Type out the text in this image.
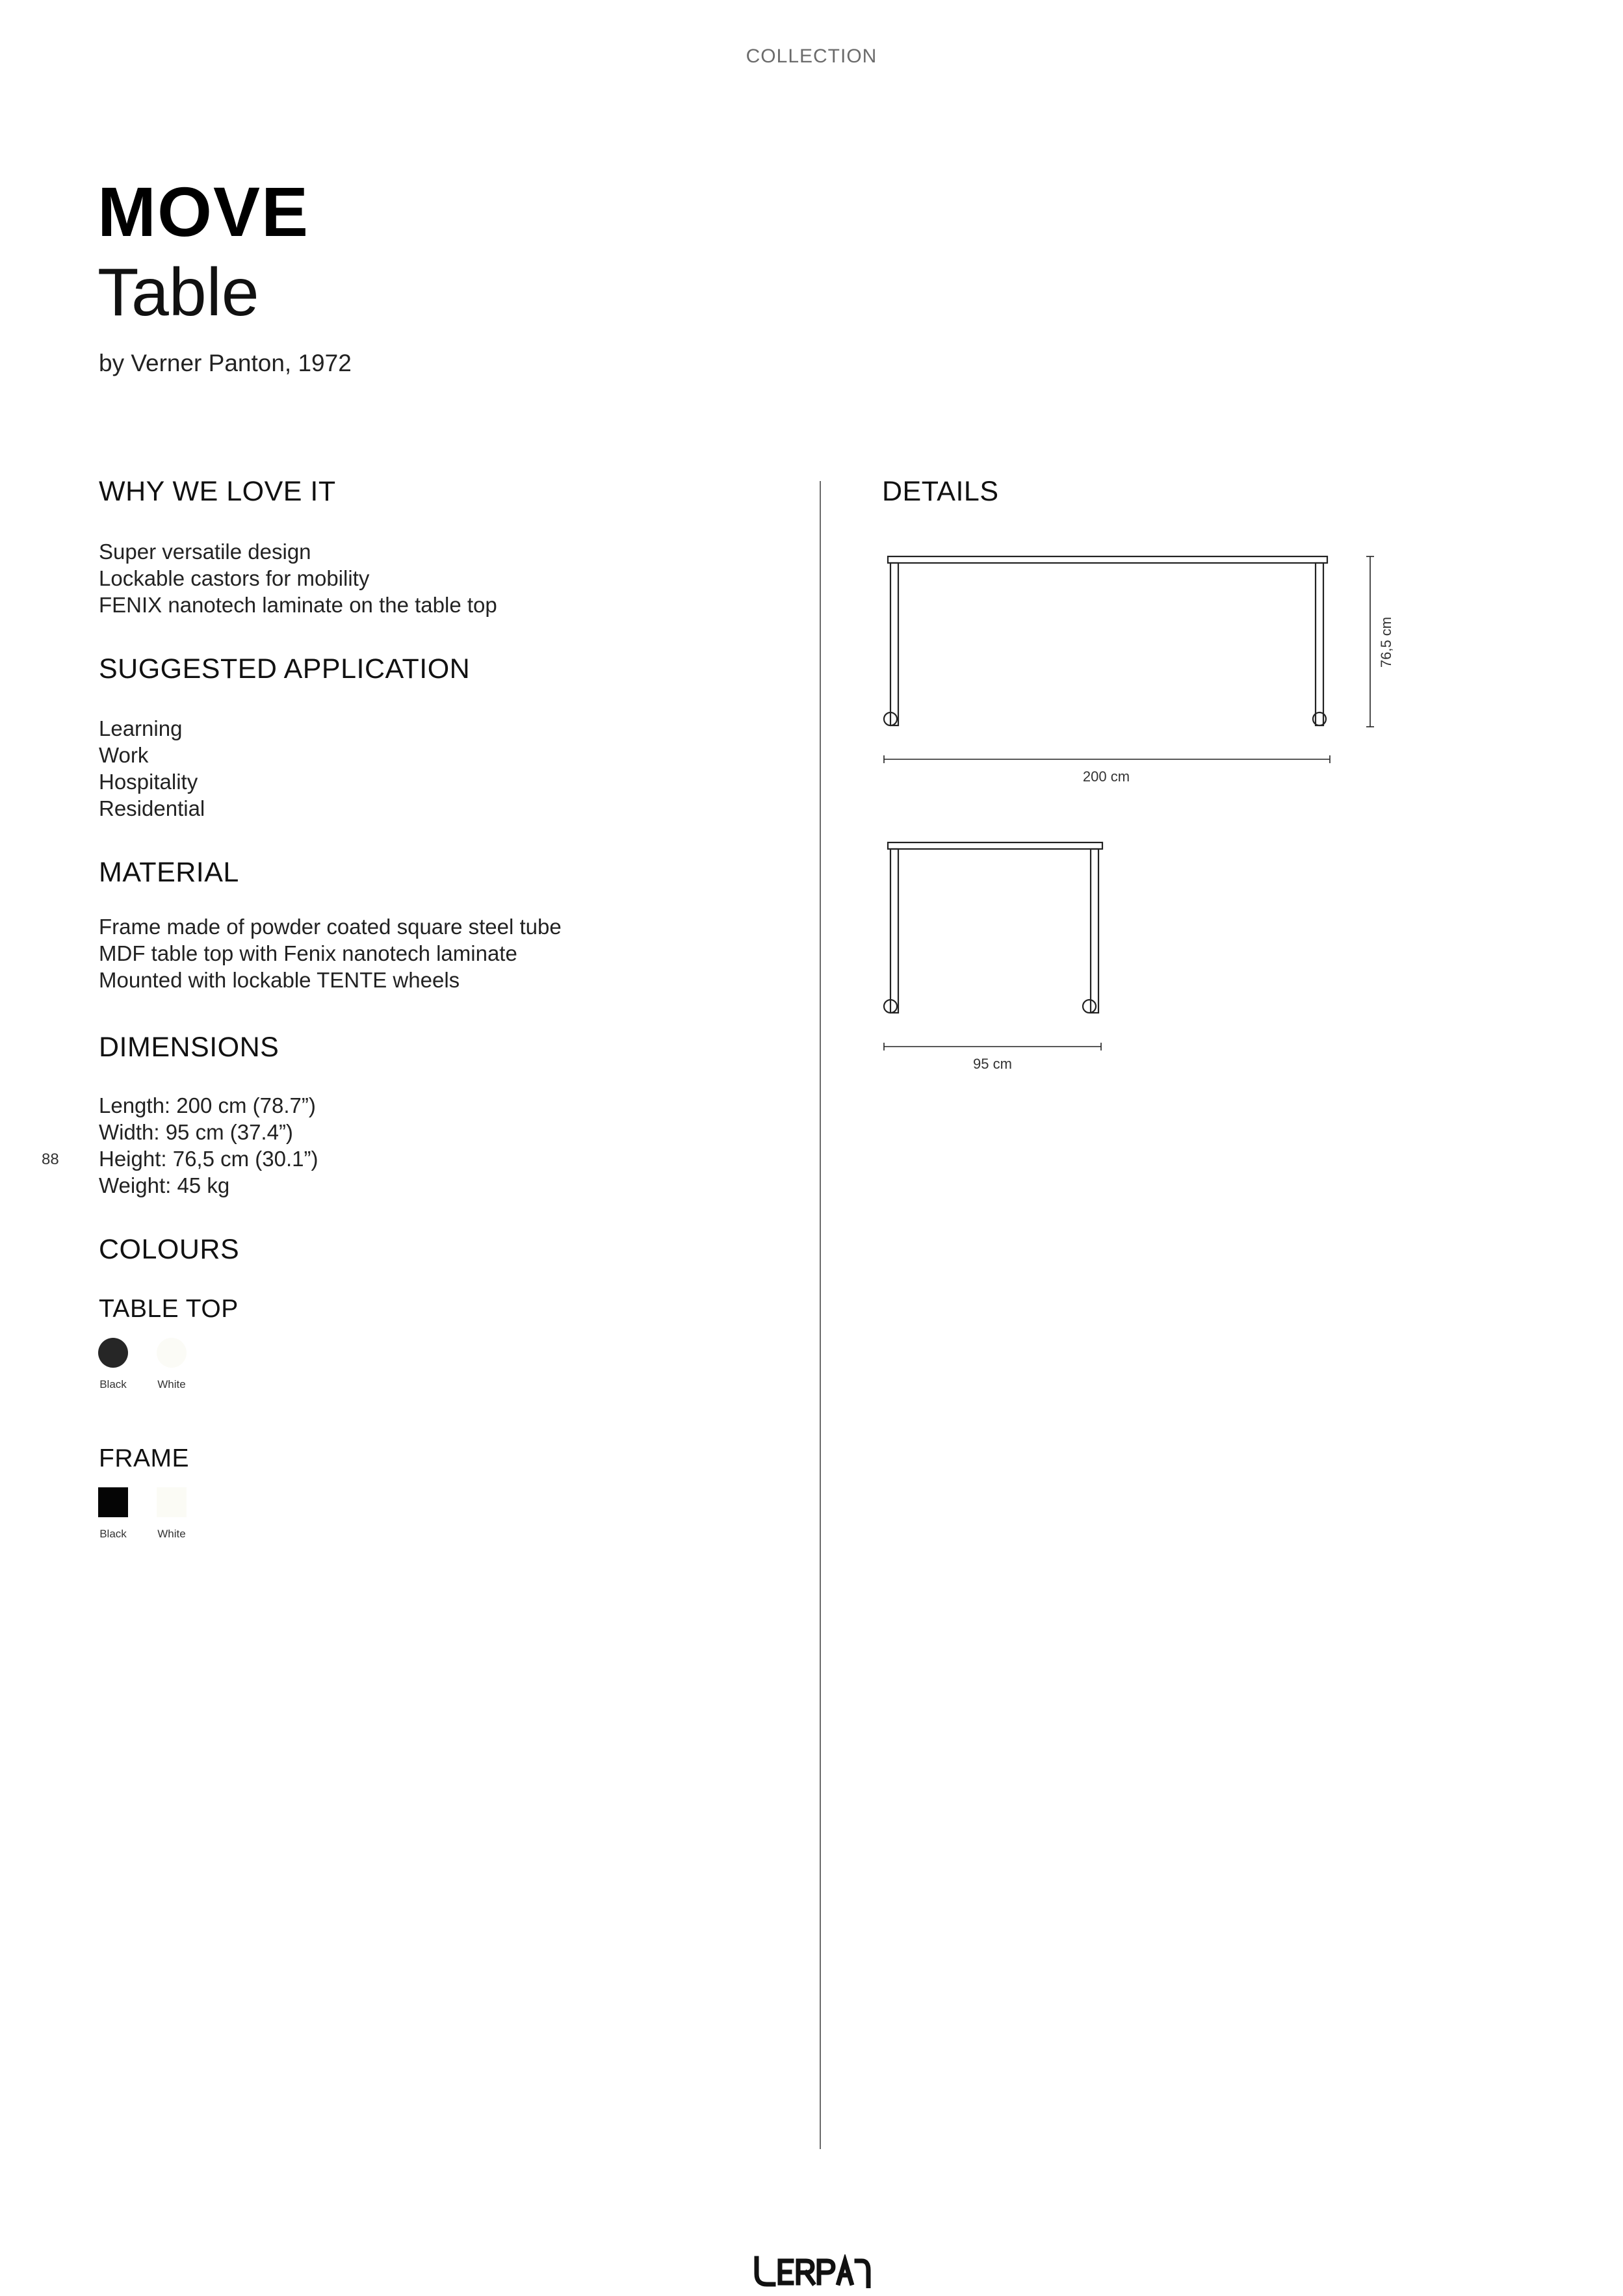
COLLECTION
MOVE
Table
by Verner Panton, 1972
WHY WE LOVE IT
Super versatile design
Lockable castors for mobility
FENIX nanotech laminate on the table top
SUGGESTED APPLICATION
Learning
Work
Hospitality
Residential
MATERIAL
Frame made of powder coated square steel tube
MDF table top with Fenix nanotech laminate
Mounted with lockable TENTE wheels
DIMENSIONS
Length: 200 cm (78.7”)
Width: 95 cm (37.4”)
Height: 76,5 cm (30.1”)
Weight: 45 kg
88
COLOURS
TABLE TOP
Black	White
FRAME
Black	White
DETAILS
200 cm
76,5 cm
95 cm
